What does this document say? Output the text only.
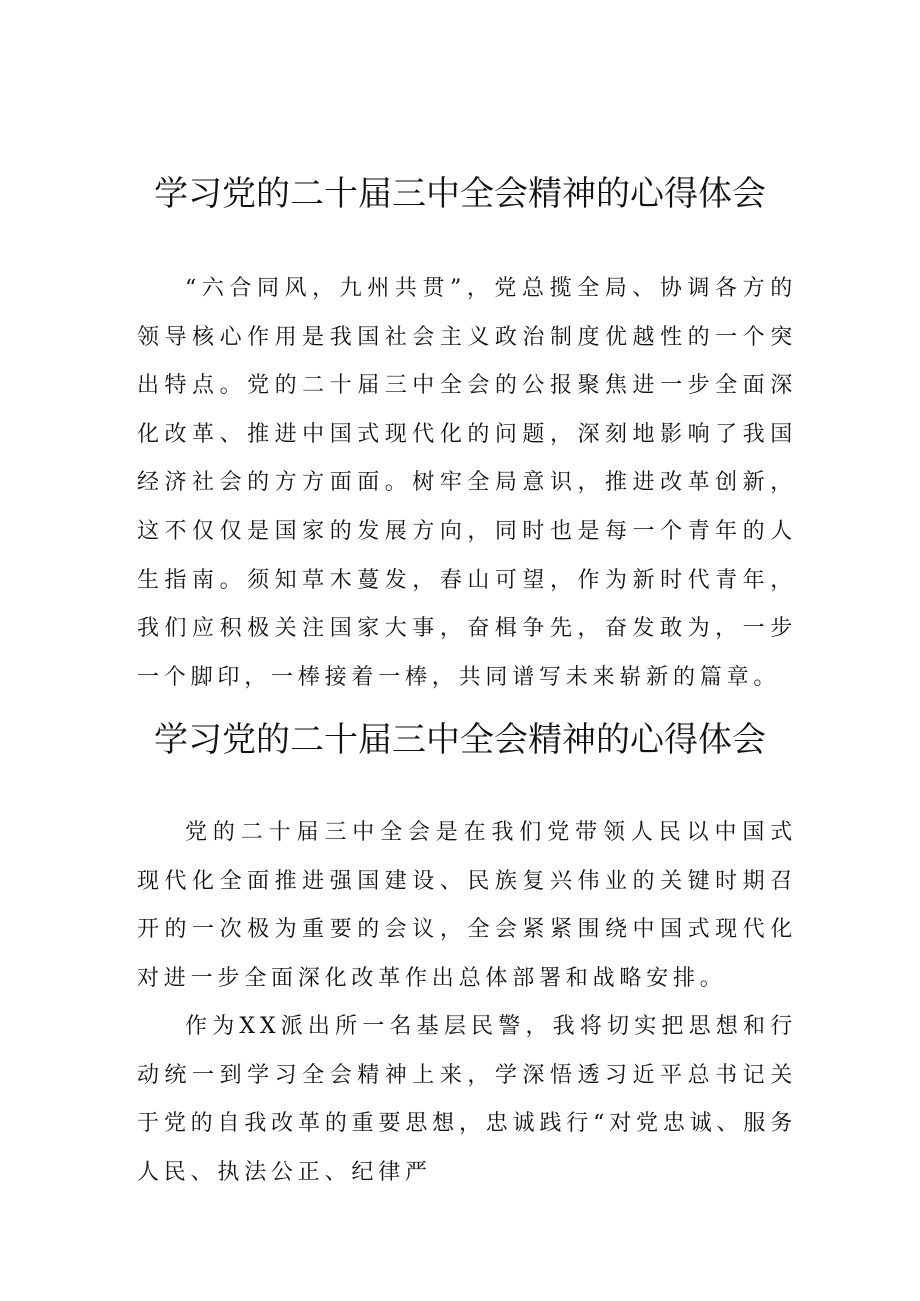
学习党的二十届三中全会精神的心得体会

“六合同风，九州共贯”，党总揽全局、协调各方的领导核心作用是我国社会主义政治制度优越性的一个突出特点。党的二十届三中全会的公报聚焦进一步全面深化改革、推进中国式现代化的问题，深刻地影响了我国经济社会的方方面面。树牢全局意识，推进改革创新，这不仅仅是国家的发展方向，同时也是每一个青年的人生指南。须知草木蔓发，春山可望，作为新时代青年，我们应积极关注国家大事，奋楫争先，奋发敢为，一步一个脚印，一棒接着一棒，共同谱写未来崭新的篇章。

学习党的二十届三中全会精神的心得体会

党的二十届三中全会是在我们党带领人民以中国式现代化全面推进强国建设、民族复兴伟业的关键时期召开的一次极为重要的会议，全会紧紧围绕中国式现代化对进一步全面深化改革作出总体部署和战略安排。

作为XX派出所一名基层民警，我将切实把思想和行动统一到学习全会精神上来，学深悟透习近平总书记关于党的自我改革的重要思想，忠诚践行“对党忠诚、服务人民、执法公正、纪律严
